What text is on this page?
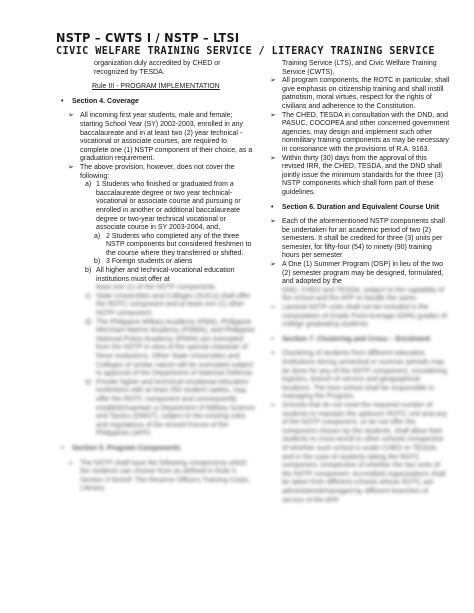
NSTP – CWTS I / NSTP – LTSI
CIVIC WELFARE TRAINING SERVICE / LITERACY TRAINING SERVICE

organization duly accredited by CHED or recognized by TESDA.

Rule III - PROGRAM IMPLEMENTATION

• Section 4. Coverage
➢ All incoming first year students, male and female; starting School Year (SY) 2002-2003, enrolled in any baccalaureate and in at least two (2) year technical - vocational or associate courses, are required to complete one (1) NSTP component of their choice, as a graduation requirement.
➢ The above provision, however, does not cover the following:
a) 1 Students who finished or graduated from a baccalaureate degree or two year technical-vocational or associate course and pursuing or enrolled in another or additional baccalaureate degree or two-year technical vocational or associate course in SY 2003-2004, and,
a) 2 Students who completed any of the three NSTP components but considered freshmen to the course where they transferred or shifted.
b) 3 Foreign students or aliens
b) All higher and technical-vocational education institutions must offer at

least one (1) of the NSTP components.

c) State Universities and Colleges (SUCs) shall offer the ROTC component and at least one (1) other NSTP component.
d) The Philippine Military Academy (PMA), Philippine Merchant Marine Academy (PMMA), and Philippine National Police Academy (PNPA) are exempted from the NSTP in view of the special character of these institutions. Other State Universities and Colleges of similar nature will be exempted subject to approval of the Department of National Defense.
e) Private higher and technical-vocational education institutions with at least 350 student cadets, may offer the ROTC component and consequently establish/maintain a Department of Military Science and Tactics (DMST), subject to the existing rules and regulations of the Armed Forces of the Philippines (AFP).
• Section 5. Program Components
➢ The NSTP shall have the following components which the students can choose from as defined in Rule II, Section 3 hereof: The Reserve Officers Training Corps, Literacy

Training Service (LTS), and Civic Welfare Training Service (CWTS).

➢ All program components, the ROTC in particular, shall give emphasis on citizenship training and shall instill patriotism, moral virtues, respect for the rights of civilians and adherence to the Constitution.
➢ The CHED, TESDA in consultation with the DND, and PASUC, COCOPEA and other concerned government agencies, may design and implement such other nonmilitary training components as may be necessary in consonance with the provisions of R.A. 9163.
➢ Within thirty (30) days from the approval of this revised IRR, the CHED, TESDA, and the DND shall jointly issue the minimum standards for the three (3) NSTP components which shall form part of these guidelines.
• Section 6. Duration and Equivalent Course Unit
➢ Each of the aforementioned NSTP components shall be undertaken for an academic period of two (2) semesters. It shall be credited for three (3) units per semester, for fifty-four (54) to ninety (90) training hours per semester
➢ A One (1) Summer Program (OSP) in lieu of the two (2) semester program may be designed, formulated, and adopted by the

DND, CHED and TESDA, subject to the capability of the school and the AFP to handle the same.

➢ Lanseal NSTP units shall not be included in the computation of Grade Point Average (GPA) grades of college graduating students.
• Section 7. Clustering and Cross – Enrolment
➢ Clustering of students from different education institutions during semestral or summer periods may be done for any of the NSTP component, considering logistics, branch of service and geographical locations. The host school shall be responsible in managing the Program.
➢ Schools that do not meet the required number of students to maintain the optimum ROTC unit and any of the NSTP component, or do not offer the component chosen by the students, shall allow their students to cross-enroll to other schools irrespective of whether such school is under CHED or TESDA; and in the case of students taking the ROTC component, irrespective of whether the two units of the NSTP component. Accredited organizations shall be taken from different schools whose ROTC are administered/managed by different branches of service of the AFP.
